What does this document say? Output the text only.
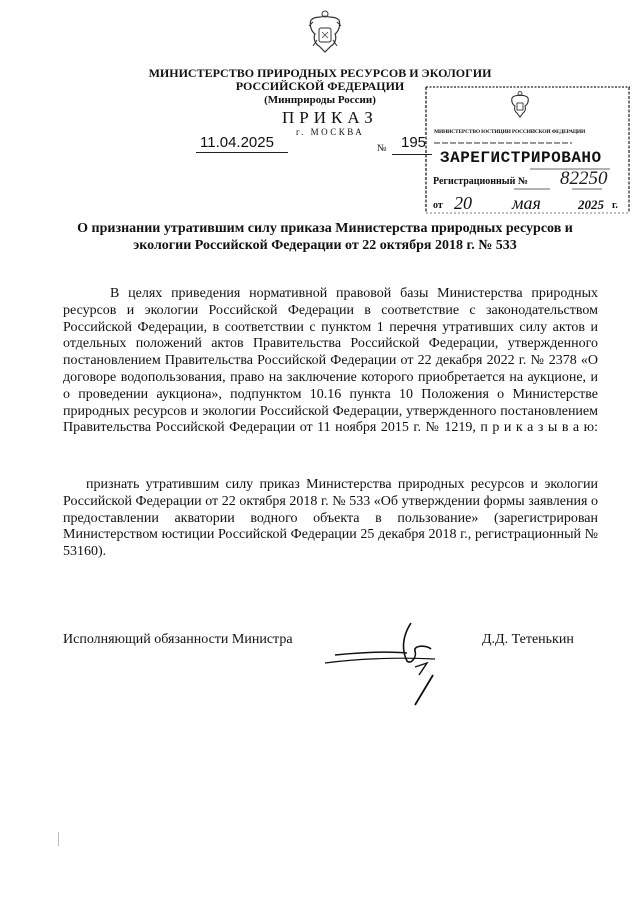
МИНИСТЕРСТВО ПРИРОДНЫХ РЕСУРСОВ И ЭКОЛОГИИ
РОССИЙСКОЙ ФЕДЕРАЦИИ
(Минприроды России)
ПРИКАЗ
г. МОСКВА
11.04.2025	№ 195
МИНИСТЕРСТВО ЮСТИЦИИ РОССИЙСКОЙ ФЕДЕРАЦИИ
ЗАРЕГИСТРИРОВАНО
Регистрационный № 82250
от 20 мая	2025 г.
О признании утратившим силу приказа Министерства природных ресурсов и экологии Российской Федерации от 22 октября 2018 г. № 533
В целях приведения нормативной правовой базы Министерства природных ресурсов и экологии Российской Федерации в соответствие с законодательством Российской Федерации, в соответствии с пунктом 1 перечня утративших силу актов и отдельных положений актов Правительства Российской Федерации, утвержденного постановлением Правительства Российской Федерации от 22 декабря 2022 г. № 2378 «О договоре водопользования, право на заключение которого приобретается на аукционе, и о проведении аукциона», подпунктом 10.16 пункта 10 Положения о Министерстве природных ресурсов и экологии Российской Федерации, утвержденного постановлением Правительства Российской Федерации от 11 ноября 2015 г. № 1219, п р и к а з ы в а ю:
признать утратившим силу приказ Министерства природных ресурсов и экологии Российской Федерации от 22 октября 2018 г. № 533 «Об утверждении формы заявления о предоставлении акватории водного объекта в пользование» (зарегистрирован Министерством юстиции Российской Федерации 25 декабря 2018 г., регистрационный № 53160).
Исполняющий обязанности Министра	Д.Д. Тетенькин
